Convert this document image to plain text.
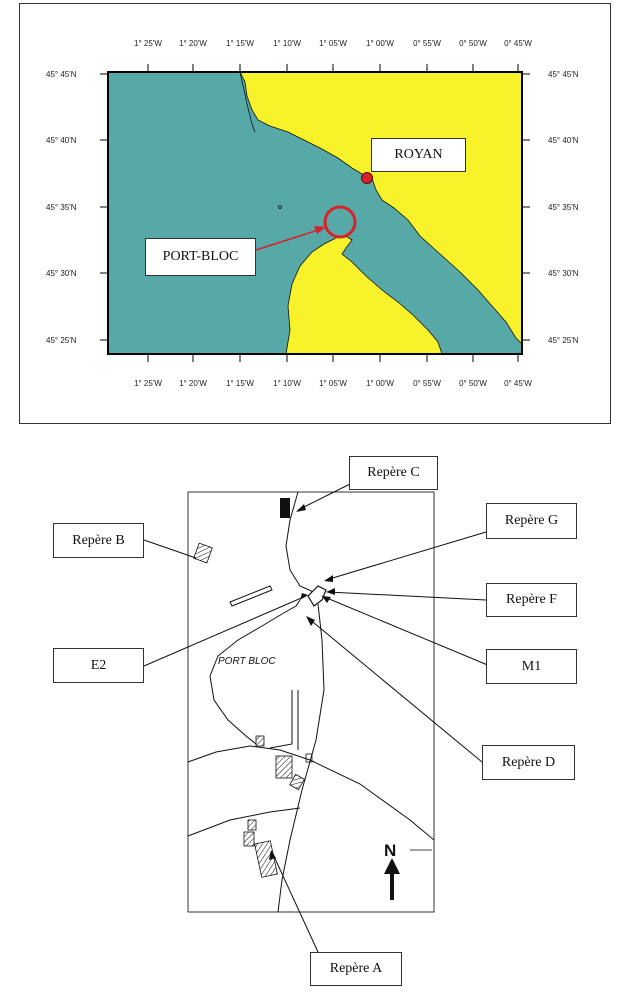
1° 25'W 1° 20'W 1° 15'W 1° 10'W 1° 05'W 1° 00'W 0° 55'W 0° 50'W 0° 45'W
1° 25'W 1° 20'W 1° 15'W 1° 10'W 1° 05'W 1° 00'W 0° 55'W 0° 50'W 0° 45'W
45° 45'N
45° 40'N
45° 35'N
45° 30'N
45° 25'N
45° 45'N
45° 40'N
45° 35'N
45° 30'N
45° 25'N
ROYAN
PORT-BLOC
PORT BLOC
N
Repère C
Repère B
Repère G
Repère F
E2	M1
Repère D
Repère A
